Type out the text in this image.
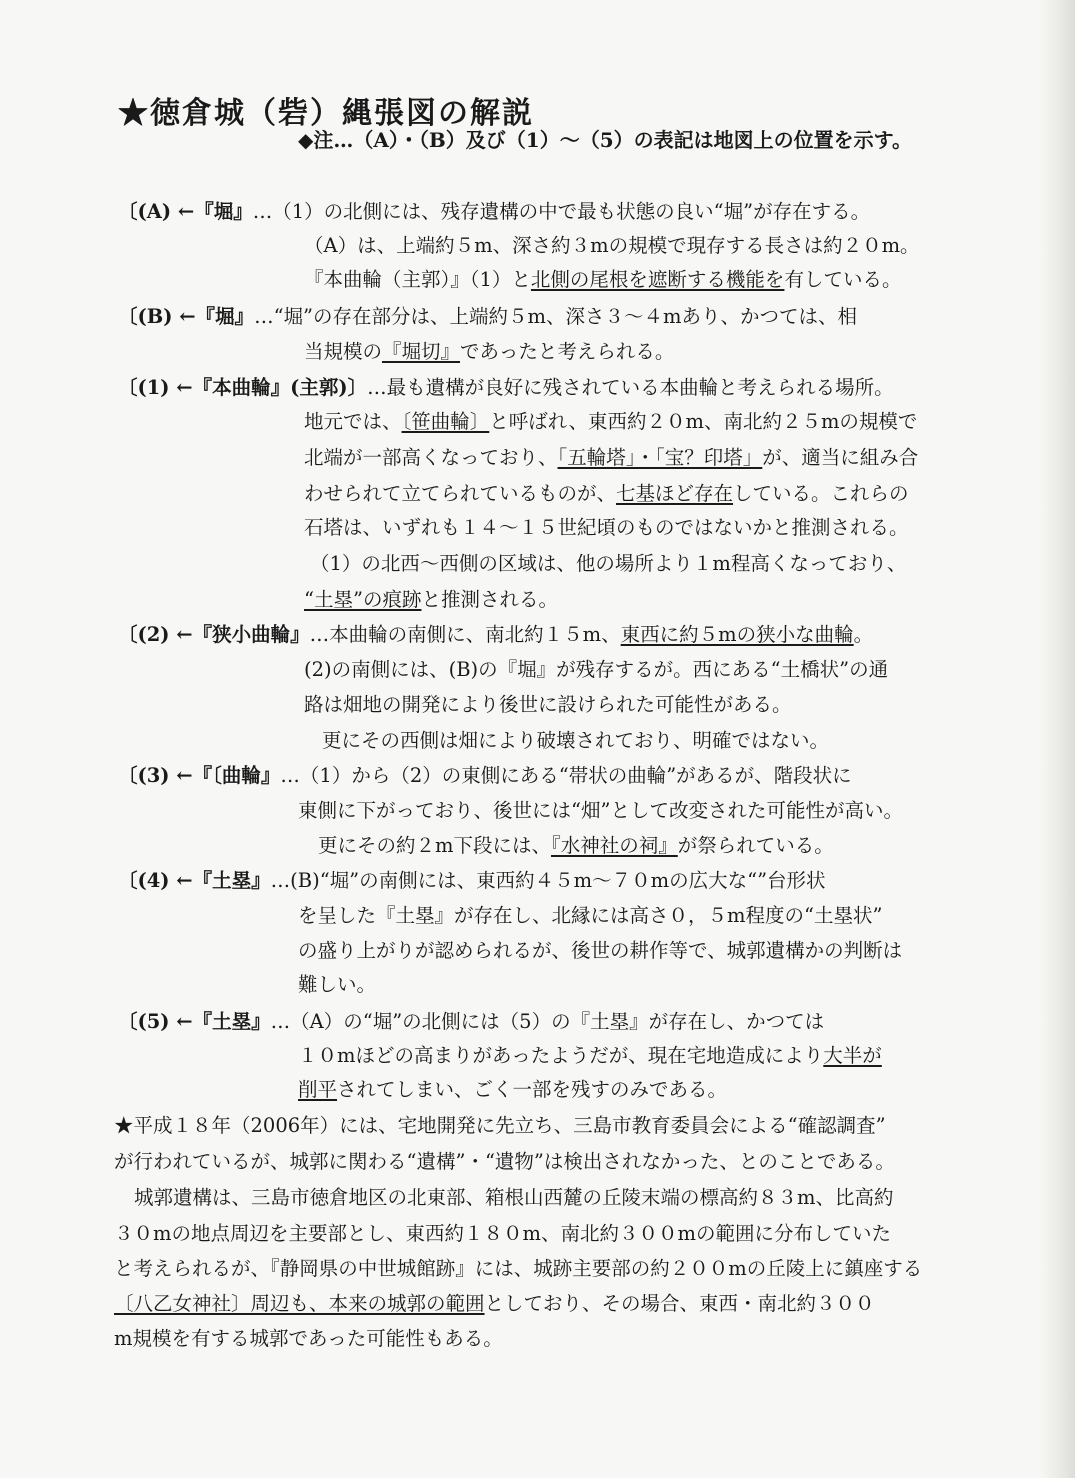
★徳倉城（砦）縄張図の解説
◆注…（A）・（B）及び（1）～（5）の表記は地図上の位置を示す。
〔(A) ←『堀』…（1）の北側には、残存遺構の中で最も状態の良い“堀”が存在する。
（A）は、上端約５m、深さ約３mの規模で現存する長さは約２０m。
『本曲輪（主郭）』（1）と北側の尾根を遮断する機能を有している。
〔(B) ←『堀』…“堀”の存在部分は、上端約５m、深さ３～４mあり、かつては、相
当規模の『堀切』であったと考えられる。
〔(1) ←『本曲輪』(主郭)〕…最も遺構が良好に残されている本曲輪と考えられる場所。
地元では、〔笹曲輪〕と呼ばれ、東西約２０m、南北約２５mの規模で
北端が一部高くなっており、「五輪塔」・「宝？印塔」が、適当に組み合
わせられて立てられているものが、七基ほど存在している。これらの
石塔は、いずれも１４～１５世紀頃のものではないかと推測される。
（1）の北西～西側の区域は、他の場所より１m程高くなっており、
“土塁”の痕跡と推測される。
〔(2) ←『狭小曲輪』…本曲輪の南側に、南北約１５m、東西に約５mの狭小な曲輪。
(2)の南側には、(B)の『堀』が残存するが。西にある“土橋状”の通
路は畑地の開発により後世に設けられた可能性がある。
更にその西側は畑により破壊されており、明確ではない。
〔(3) ←『〔曲輪』…（1）から（2）の東側にある“帯状の曲輪”があるが、階段状に
東側に下がっており、後世には“畑”として改変された可能性が高い。
更にその約２m下段には、『水神社の祠』が祭られている。
〔(4) ←『土塁』…(B)“堀”の南側には、東西約４５m～７０mの広大な“”台形状
を呈した『土塁』が存在し、北縁には高さ０，５m程度の“土塁状”
の盛り上がりが認められるが、後世の耕作等で、城郭遺構かの判断は
難しい。
〔(5) ←『土塁』…（A）の“堀”の北側には（5）の『土塁』が存在し、かつては
１０mほどの高まりがあったようだが、現在宅地造成により大半が
削平されてしまい、ごく一部を残すのみである。
★平成１８年（2006年）には、宅地開発に先立ち、三島市教育委員会による“確認調査”
が行われているが、城郭に関わる“遺構”・“遺物”は検出されなかった、とのことである。
城郭遺構は、三島市徳倉地区の北東部、箱根山西麓の丘陵末端の標高約８３m、比高約
３０mの地点周辺を主要部とし、東西約１８０m、南北約３００mの範囲に分布していた
と考えられるが、『静岡県の中世城館跡』には、城跡主要部の約２００mの丘陵上に鎮座する
〔八乙女神社〕周辺も、本来の城郭の範囲としており、その場合、東西・南北約３００
m規模を有する城郭であった可能性もある。
